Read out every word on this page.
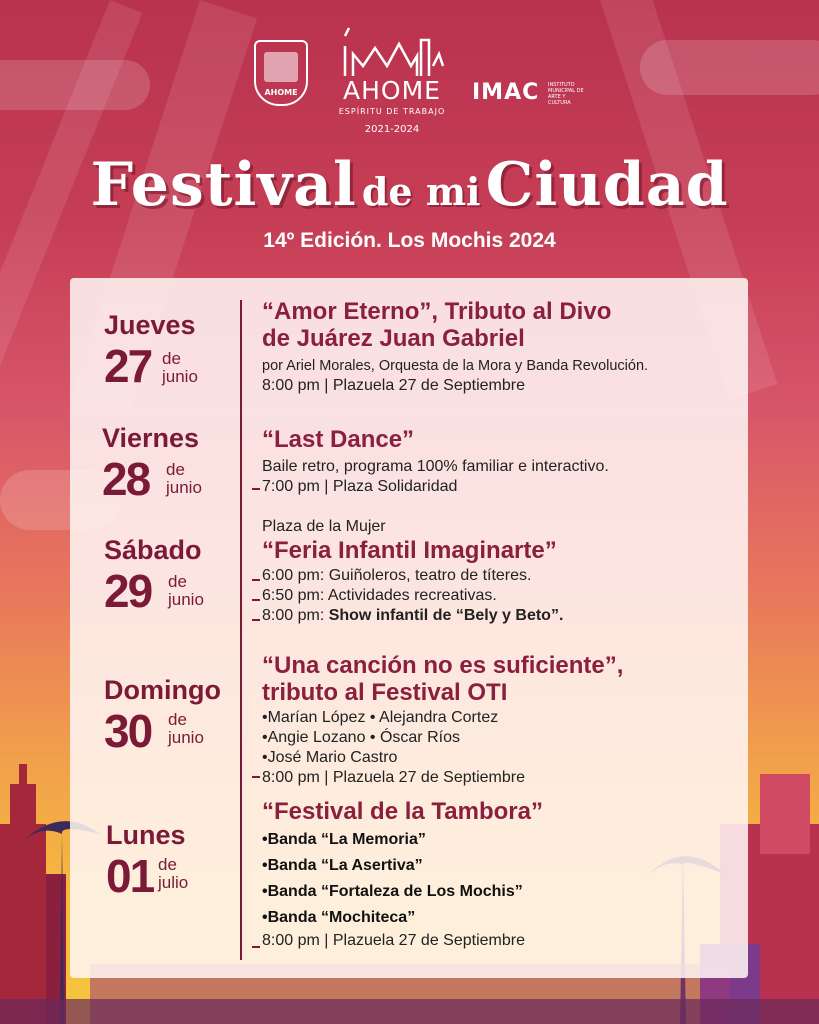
AHOME	AHOME
ESPÍRITU DE TRABAJO
2021-2024
IMAC INSTITUTO MUNICIPAL DE ARTE Y CULTURA
Festival de mi Ciudad
14º Edición. Los Mochis 2024
Jueves
27 de
junio
“Amor Eterno”, Tributo al Divo
de Juárez Juan Gabriel
por Ariel Morales, Orquesta de la Mora y Banda Revolución.
8:00 pm | Plazuela 27 de Septiembre
Viernes
28 de
junio
“Last Dance”
Baile retro, programa 100% familiar e interactivo.
7:00 pm | Plaza Solidaridad
Sábado
29 de
junio
Plaza de la Mujer
“Feria Infantil Imaginarte”
6:00 pm: Guiñoleros, teatro de títeres.
6:50 pm: Actividades recreativas.
8:00 pm: Show infantil de “Bely y Beto”.
Domingo
30 de
junio
“Una canción no es suficiente”,
tributo al Festival OTI
•Marían López • Alejandra Cortez
•Angie Lozano • Óscar Ríos
•José Mario Castro
8:00 pm | Plazuela 27 de Septiembre
Lunes
01 de
julio
“Festival de la Tambora”
•Banda “La Memoria”
•Banda “La Asertiva”
•Banda “Fortaleza de Los Mochis”
•Banda “Mochiteca”
8:00 pm | Plazuela 27 de Septiembre
